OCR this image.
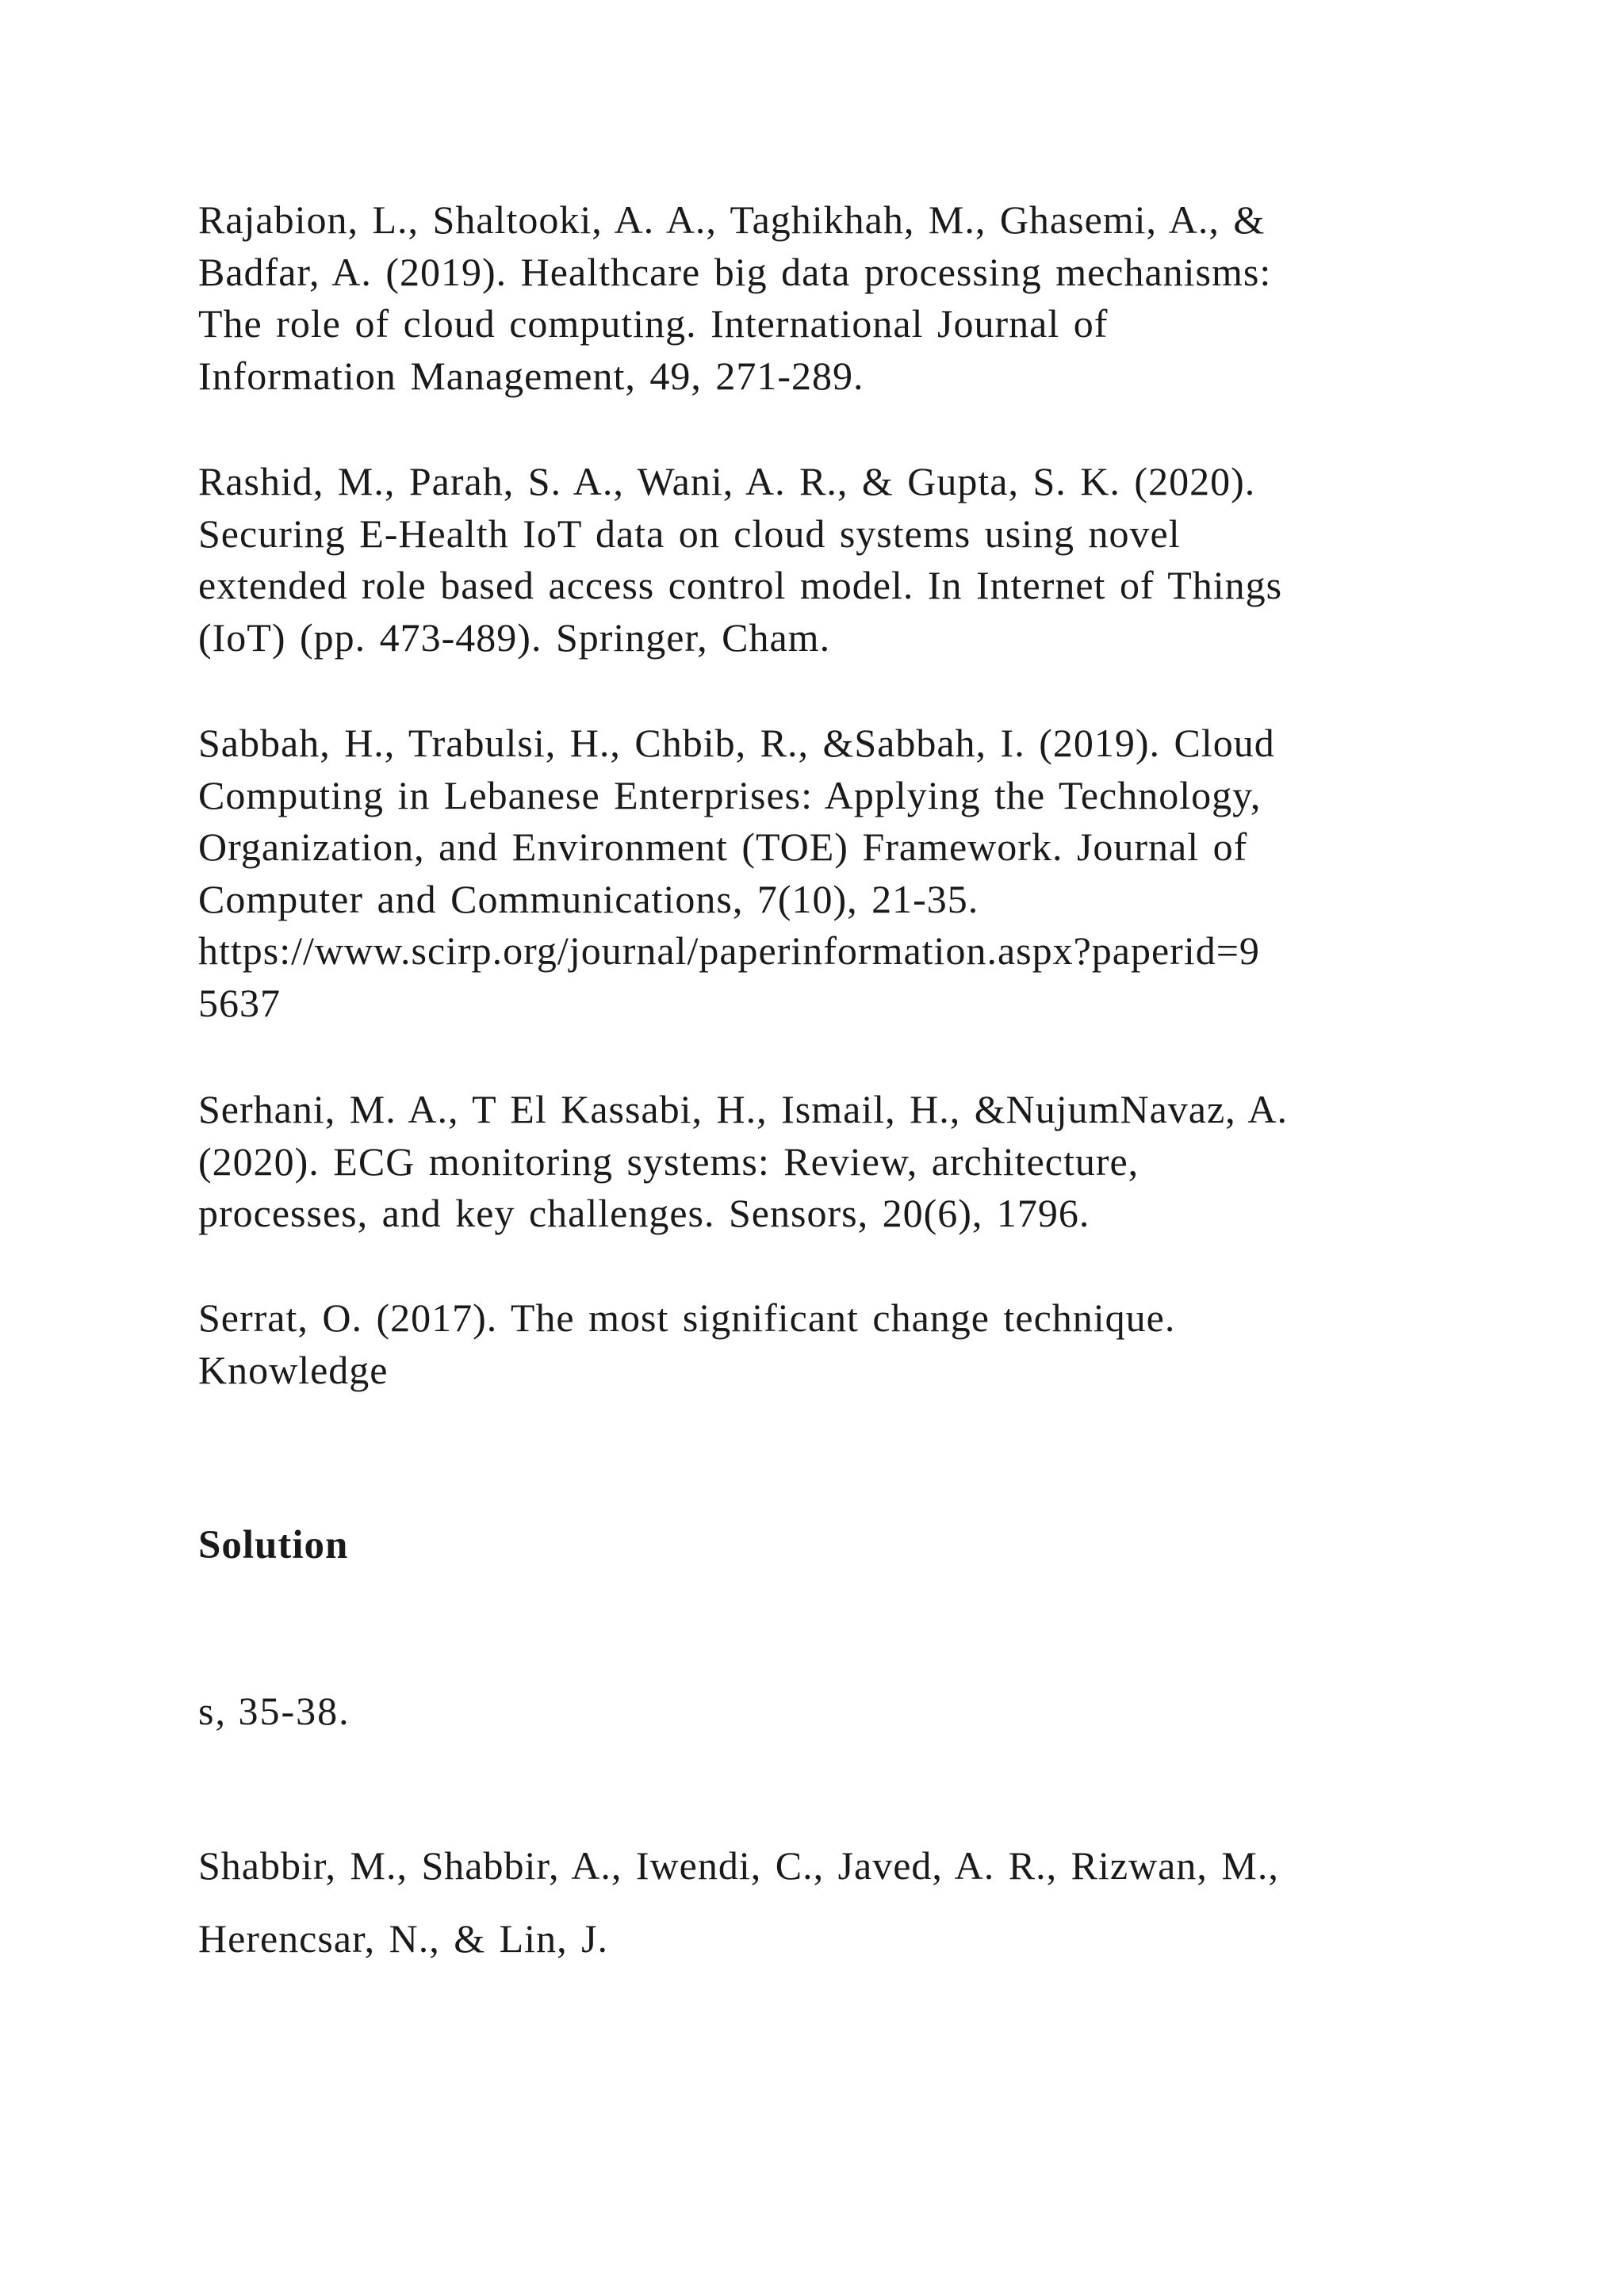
Rajabion, L., Shaltooki, A. A., Taghikhah, M., Ghasemi, A., &
Badfar, A. (2019). Healthcare big data processing mechanisms:
The role of cloud computing. International Journal of
Information Management, 49, 271-289.

Rashid, M., Parah, S. A., Wani, A. R., & Gupta, S. K. (2020).
Securing E-Health IoT data on cloud systems using novel
extended role based access control model. In Internet of Things
(IoT) (pp. 473-489). Springer, Cham.

Sabbah, H., Trabulsi, H., Chbib, R., &Sabbah, I. (2019). Cloud
Computing in Lebanese Enterprises: Applying the Technology,
Organization, and Environment (TOE) Framework. Journal of
Computer and Communications, 7(10), 21-35.
https://www.scirp.org/journal/paperinformation.aspx?paperid=9
5637

Serhani, M. A., T El Kassabi, H., Ismail, H., &NujumNavaz, A.
(2020). ECG monitoring systems: Review, architecture,
processes, and key challenges. Sensors, 20(6), 1796.

Serrat, O. (2017). The most significant change technique.
Knowledge

Solution

s, 35-38.

Shabbir, M., Shabbir, A., Iwendi, C., Javed, A. R., Rizwan, M.,
Herencsar, N., & Lin, J.
